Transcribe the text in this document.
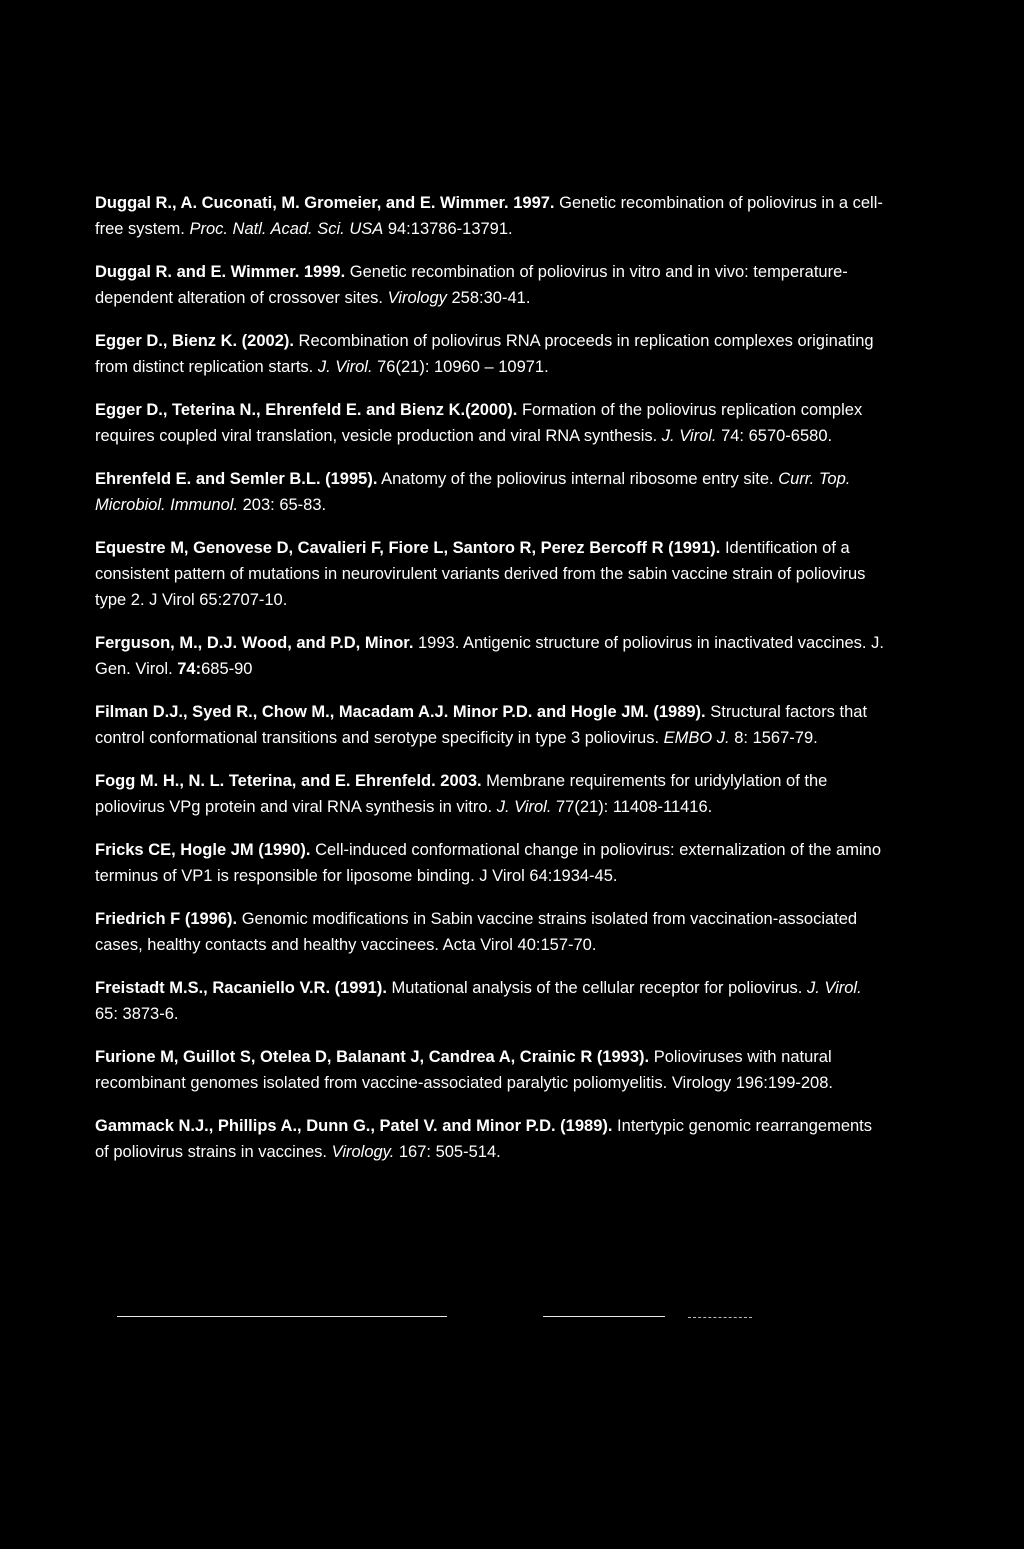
Duggal R., A. Cuconati, M. Gromeier, and E. Wimmer. 1997. Genetic recombination of poliovirus in a cell-free system. Proc. Natl. Acad. Sci. USA 94:13786-13791.

Duggal R. and E. Wimmer. 1999. Genetic recombination of poliovirus in vitro and in vivo: temperature-dependent alteration of crossover sites. Virology 258:30-41.

Egger D., Bienz K. (2002). Recombination of poliovirus RNA proceeds in replication complexes originating from distinct replication starts. J. Virol. 76(21): 10960 – 10971.

Egger D., Teterina N., Ehrenfeld E. and Bienz K.(2000). Formation of the poliovirus replication complex requires coupled viral translation, vesicle production and viral RNA synthesis. J. Virol. 74: 6570-6580.

Ehrenfeld E. and Semler B.L. (1995). Anatomy of the poliovirus internal ribosome entry site. Curr. Top. Microbiol. Immunol. 203: 65-83.

Equestre M, Genovese D, Cavalieri F, Fiore L, Santoro R, Perez Bercoff R (1991). Identification of a consistent pattern of mutations in neurovirulent variants derived from the sabin vaccine strain of poliovirus type 2. J Virol 65:2707-10.

Ferguson, M., D.J. Wood, and P.D, Minor. 1993. Antigenic structure of poliovirus in inactivated vaccines. J. Gen. Virol. 74:685-90

Filman D.J., Syed R., Chow M., Macadam A.J. Minor P.D. and Hogle JM. (1989). Structural factors that control conformational transitions and serotype specificity in type 3 poliovirus. EMBO J. 8: 1567-79.

Fogg M. H., N. L. Teterina, and E. Ehrenfeld. 2003. Membrane requirements for uridylylation of the poliovirus VPg protein and viral RNA synthesis in vitro. J. Virol. 77(21): 11408-11416.

Fricks CE, Hogle JM (1990). Cell-induced conformational change in poliovirus: externalization of the amino terminus of VP1 is responsible for liposome binding. J Virol 64:1934-45.

Friedrich F (1996). Genomic modifications in Sabin vaccine strains isolated from vaccination-associated cases, healthy contacts and healthy vaccinees. Acta Virol 40:157-70.

Freistadt M.S., Racaniello V.R. (1991). Mutational analysis of the cellular receptor for poliovirus. J. Virol. 65: 3873-6.

Furione M, Guillot S, Otelea D, Balanant J, Candrea A, Crainic R (1993). Polioviruses with natural recombinant genomes isolated from vaccine-associated paralytic poliomyelitis. Virology 196:199-208.

Gammack N.J., Phillips A., Dunn G., Patel V. and Minor P.D. (1989). Intertypic genomic rearrangements of poliovirus strains in vaccines. Virology. 167: 505-514.
